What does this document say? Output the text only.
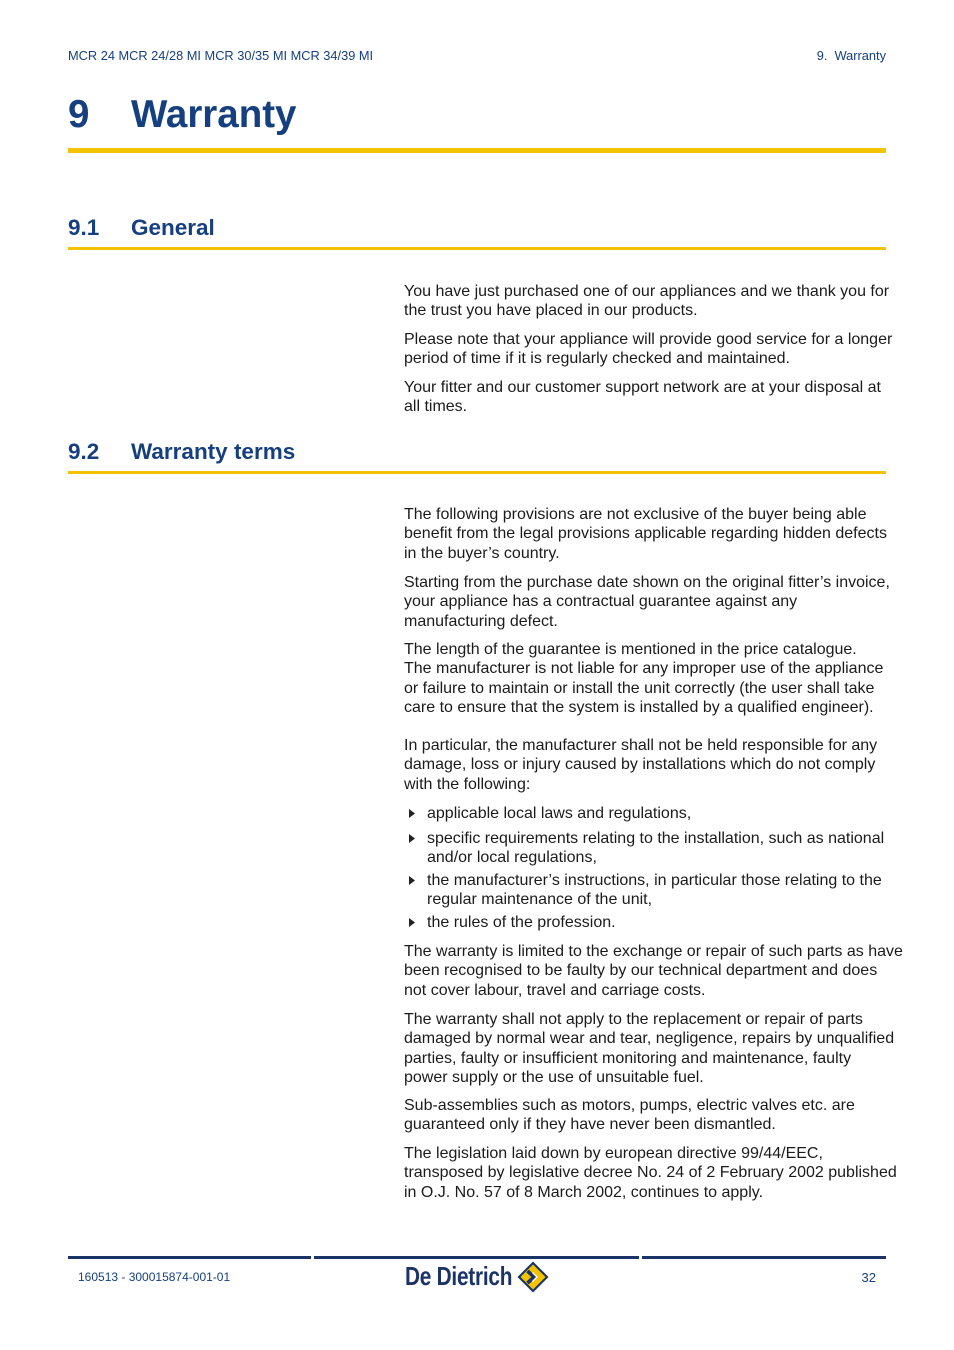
MCR 24 MCR 24/28 MI MCR 30/35 MI MCR 34/39 MI	9.  Warranty
9 Warranty
9.1 General
You have just purchased one of our appliances and we thank you for
the trust you have placed in our products.
Please note that your appliance will provide good service for a longer
period of time if it is regularly checked and maintained.
Your fitter and our customer support network are at your disposal at
all times.
9.2 Warranty terms
The following provisions are not exclusive of the buyer being able
benefit from the legal provisions applicable regarding hidden defects
in the buyer’s country.
Starting from the purchase date shown on the original fitter’s invoice,
your appliance has a contractual guarantee against any
manufacturing defect.
The length of the guarantee is mentioned in the price catalogue.
The manufacturer is not liable for any improper use of the appliance
or failure to maintain or install the unit correctly (the user shall take
care to ensure that the system is installed by a qualified engineer).
In particular, the manufacturer shall not be held responsible for any
damage, loss or injury caused by installations which do not comply
with the following:
applicable local laws and regulations,
specific requirements relating to the installation, such as national
and/or local regulations,
the manufacturer’s instructions, in particular those relating to the
regular maintenance of the unit,
the rules of the profession.
The warranty is limited to the exchange or repair of such parts as have
been recognised to be faulty by our technical department and does
not cover labour, travel and carriage costs.
The warranty shall not apply to the replacement or repair of parts
damaged by normal wear and tear, negligence, repairs by unqualified
parties, faulty or insufficient monitoring and maintenance, faulty
power supply or the use of unsuitable fuel.
Sub-assemblies such as motors, pumps, electric valves etc. are
guaranteed only if they have never been dismantled.
The legislation laid down by european directive 99/44/EEC,
transposed by legislative decree No. 24 of 2 February 2002 published
in O.J. No. 57 of 8 March 2002, continues to apply.
160513 - 300015874-001-01	De Dietrich	32
